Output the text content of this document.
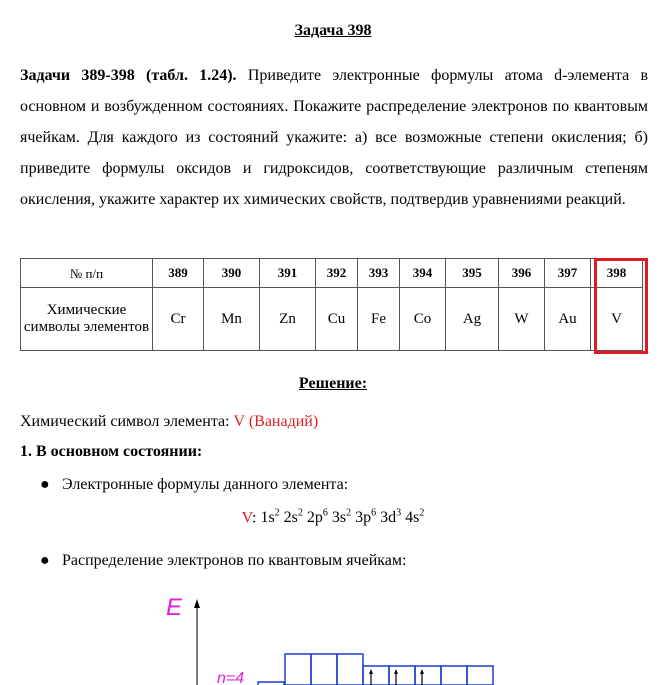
Задача 398
Задачи 389-398 (табл. 1.24). Приведите электронные формулы атома d-элемента в основном и возбужденном состояниях. Покажите распределение электронов по квантовым ячейкам. Для каждого из состояний укажите: а) все возможные степени окисления; б) приведите формулы оксидов и гидроксидов, соответствующие различным степеням окисления, укажите характер их химических свойств, подтвердив уравнениями реакций.
№ п/п	389	390	391	392	393	394	395	396	397	398
Химические символы элементов	Cr	Mn	Zn	Cu	Fe	Co	Ag	W	Au	V
Решение:
Химический символ элемента: V (Ванадий)
1. В основном состоянии:
● Электронные формулы данного элемента:
V: $1s^2$ $2s^2$ $2p^6$ $3s^2$ $3p^6$ $3d^3$ $4s^2$
● Распределение электронов по квантовым ячейкам:
E
n=4
